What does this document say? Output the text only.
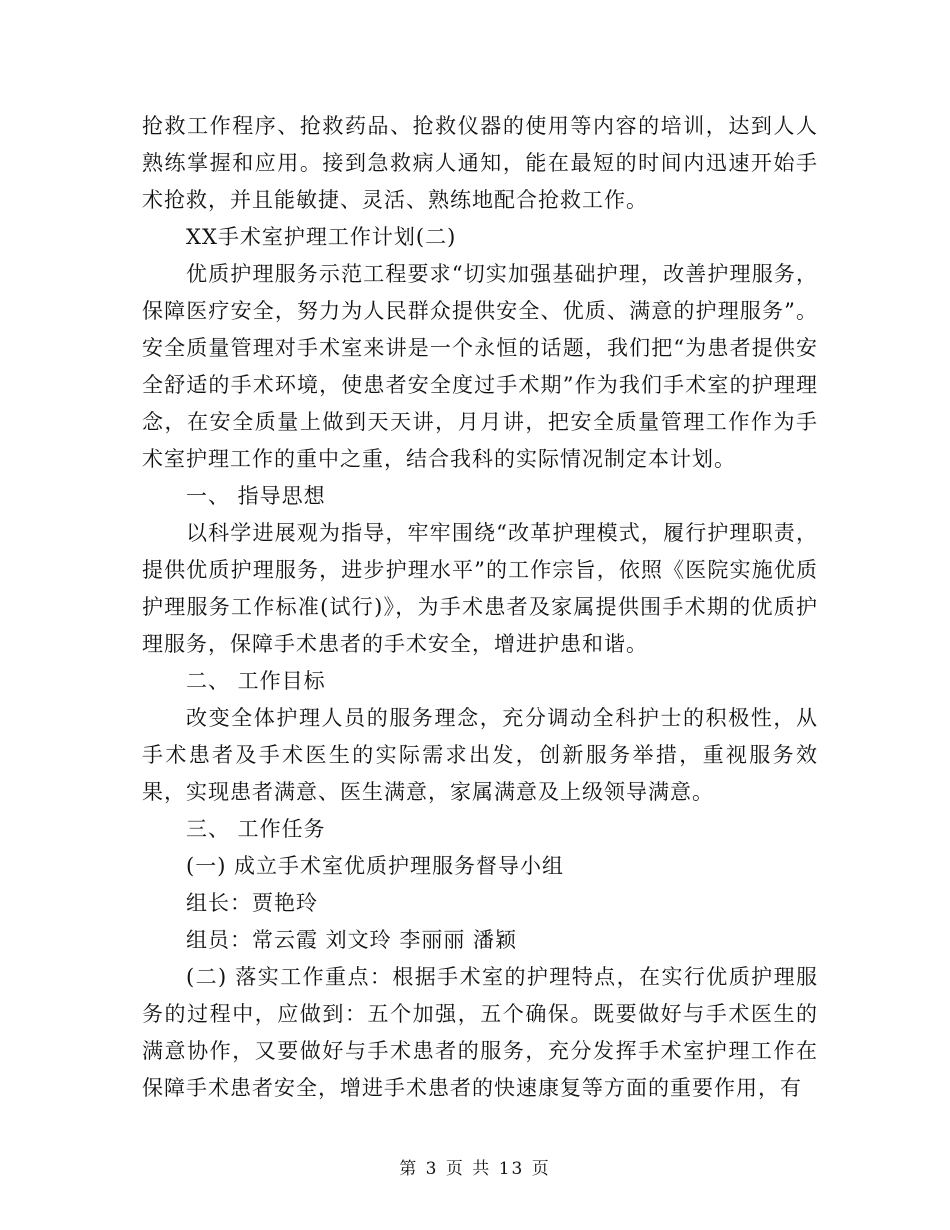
抢救工作程序、抢救药品、抢救仪器的使用等内容的培训，达到人人熟练掌握和应用。接到急救病人通知，能在最短的时间内迅速开始手术抢救，并且能敏捷、灵活、熟练地配合抢救工作。

XX手术室护理工作计划(二)

优质护理服务示范工程要求“切实加强基础护理，改善护理服务，保障医疗安全，努力为人民群众提供安全、优质、满意的护理服务”。安全质量管理对手术室来讲是一个永恒的话题，我们把“为患者提供安全舒适的手术环境，使患者安全度过手术期”作为我们手术室的护理理念，在安全质量上做到天天讲，月月讲，把安全质量管理工作作为手术室护理工作的重中之重，结合我科的实际情况制定本计划。

一、 指导思想

以科学进展观为指导，牢牢围绕“改革护理模式，履行护理职责，提供优质护理服务，进步护理水平”的工作宗旨，依照《医院实施优质护理服务工作标准(试行)》，为手术患者及家属提供围手术期的优质护理服务，保障手术患者的手术安全，增进护患和谐。

二、 工作目标

改变全体护理人员的服务理念，充分调动全科护士的积极性，从手术患者及手术医生的实际需求出发，创新服务举措，重视服务效果，实现患者满意、医生满意，家属满意及上级领导满意。

三、 工作任务

(一) 成立手术室优质护理服务督导小组

组长：贾艳玲

组员：常云霞 刘文玲 李丽丽 潘颖

(二) 落实工作重点：根据手术室的护理特点，在实行优质护理服务的过程中，应做到：五个加强，五个确保。既要做好与手术医生的满意协作，又要做好与手术患者的服务，充分发挥手术室护理工作在保障手术患者安全，增进手术患者的快速康复等方面的重要作用，有

第 3 页 共 13 页
